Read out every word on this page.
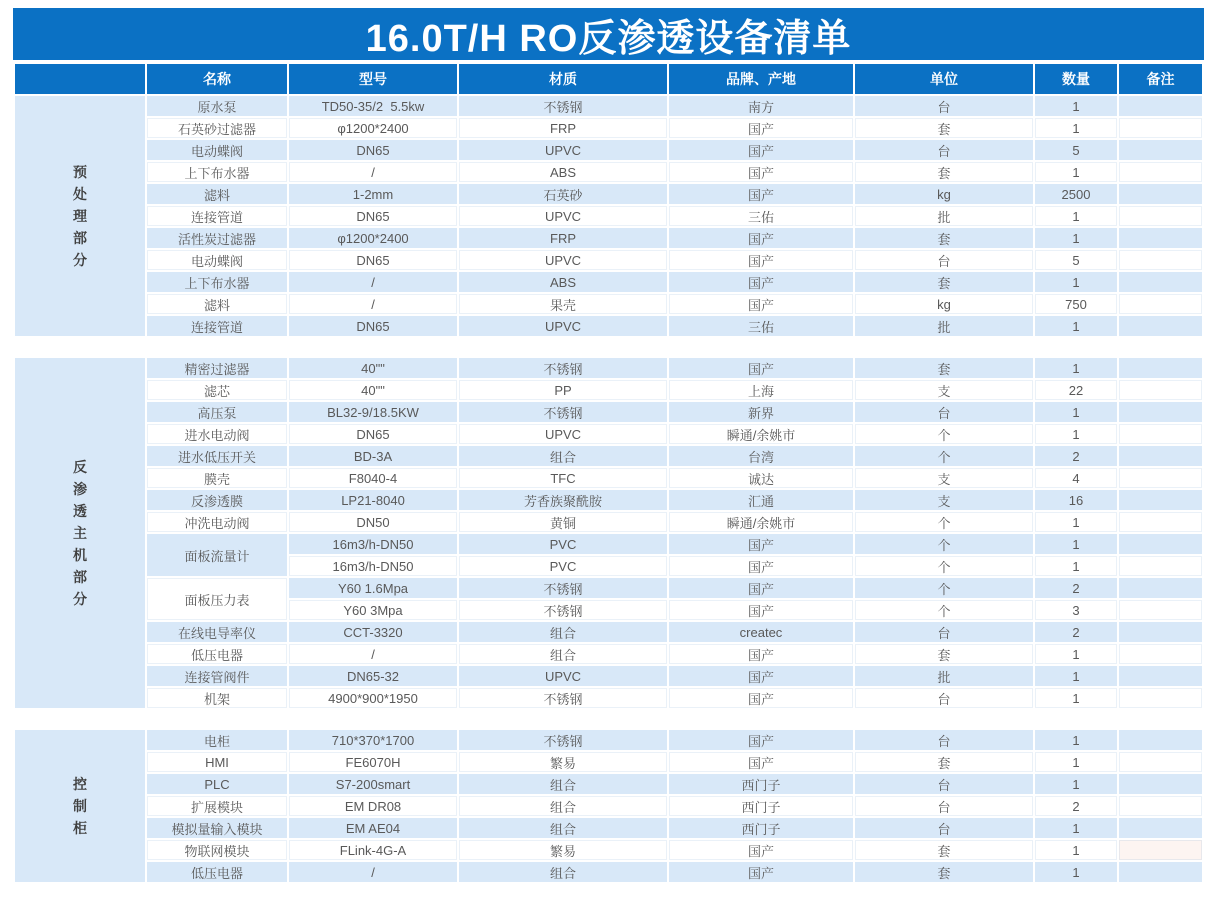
16.0T/H RO反渗透设备清单
	名称	型号	材质	品牌、产地	单位	数量	备注

预
处
理
部
分	原水泵	TD50-35/2  5.5kw	不锈钢	南方	台	1	
	石英砂过滤器	φ1200*2400	FRP	国产	套	1	
	电动蝶阀	DN65	UPVC	国产	台	5	
	上下布水器	/	ABS	国产	套	1	
	滤料	1-2mm	石英砂	国产	kg	2500	
	连接管道	DN65	UPVC	三佑	批	1	
	活性炭过滤器	φ1200*2400	FRP	国产	套	1	
	电动蝶阀	DN65	UPVC	国产	台	5	
	上下布水器	/	ABS	国产	套	1	
	滤料	/	果壳	国产	kg	750	
	连接管道	DN65	UPVC	三佑	批	1	

反
渗
透
主
机
部
分
	精密过滤器	40""	不锈钢	国产	套	1	
	滤芯	40""	PP	上海	支	22	
	高压泵	BL32-9/18.5KW	不锈钢	新界	台	1	
	进水电动阀	DN65	UPVC	瞬通/余姚市	个	1	
	进水低压开关	BD-3A	组合	台湾	个	2	
	膜壳	F8040-4	TFC	诚达	支	4	
	反渗透膜	LP21-8040	芳香族聚酰胺	汇通	支	16	
	冲洗电动阀	DN50	黄铜	瞬通/余姚市	个	1	
	面板流量计	16m3/h-DN50	PVC	国产	个	1	
		16m3/h-DN50	PVC	国产	个	1	
	面板压力表	Y60 1.6Mpa	不锈钢	国产	个	2	
		Y60 3Mpa	不锈钢	国产	个	3	
	在线电导率仪	CCT-3320	组合	createc	台	2	
	低压电器	/	组合	国产	套	1	
	连接管阀件	DN65-32	UPVC	国产	批	1	
	机架	4900*900*1950	不锈钢	国产	台	1	

控
制
柜	电柜	710*370*1700	不锈钢	国产	台	1	
	HMI	FE6070H	繁易	国产	套	1	
	PLC	S7-200smart	组合	西门子	台	1	
	扩展模块	EM DR08	组合	西门子	台	2	
	模拟量输入模块	EM AE04	组合	西门子	台	1	
	物联网模块	FLink-4G-A	繁易	国产	套	1	
	低压电器	/	组合	国产	套	1	
